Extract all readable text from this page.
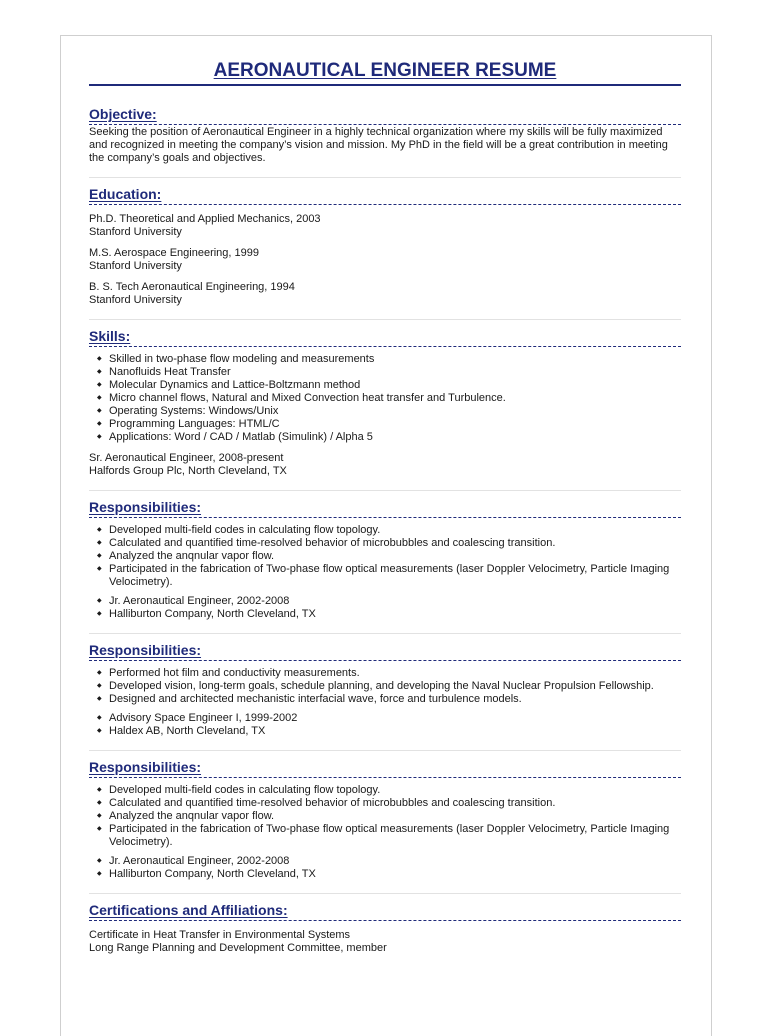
AERONAUTICAL ENGINEER RESUME
Objective:

Seeking the position of Aeronautical Engineer in a highly technical organization where my skills will be fully maximized and recognized in meeting the company’s vision and mission. My PhD in the field will be a great contribution in meeting the company’s goals and objectives.

Education:

Ph.D. Theoretical and Applied Mechanics, 2003

Stanford University

M.S. Aerospace Engineering, 1999

Stanford University

B. S. Tech Aeronautical Engineering, 1994

Stanford University

Skills:
◆ Skilled in two-phase flow modeling and measurements
◆ Nanofluids Heat Transfer
◆ Molecular Dynamics and Lattice-Boltzmann method
◆ Micro channel flows, Natural and Mixed Convection heat transfer and Turbulence.
◆ Operating Systems: Windows/Unix
◆ Programming Languages: HTML/C
◆ Applications: Word / CAD / Matlab (Simulink) / Alpha 5

Sr. Aeronautical Engineer, 2008-present

Halfords Group Plc, North Cleveland, TX

Responsibilities:
◆ Developed multi-field codes in calculating flow topology.
◆ Calculated and quantified time-resolved behavior of microbubbles and coalescing transition.
◆ Analyzed the anqnular vapor flow.
◆ Participated in the fabrication of Two-phase flow optical measurements (laser Doppler Velocimetry, Particle Imaging Velocimetry).
◆ Jr. Aeronautical Engineer, 2002-2008
◆ Halliburton Company, North Cleveland, TX
Responsibilities:
◆ Performed hot film and conductivity measurements.
◆ Developed vision, long-term goals, schedule planning, and developing the Naval Nuclear Propulsion Fellowship.
◆ Designed and architected mechanistic interfacial wave, force and turbulence models.
◆ Advisory Space Engineer I, 1999-2002
◆ Haldex AB, North Cleveland, TX
Responsibilities:
◆ Developed multi-field codes in calculating flow topology.
◆ Calculated and quantified time-resolved behavior of microbubbles and coalescing transition.
◆ Analyzed the anqnular vapor flow.
◆ Participated in the fabrication of Two-phase flow optical measurements (laser Doppler Velocimetry, Particle Imaging Velocimetry).
◆ Jr. Aeronautical Engineer, 2002-2008
◆ Halliburton Company, North Cleveland, TX
Certifications and Affiliations:

Certificate in Heat Transfer in Environmental Systems

Long Range Planning and Development Committee, member
